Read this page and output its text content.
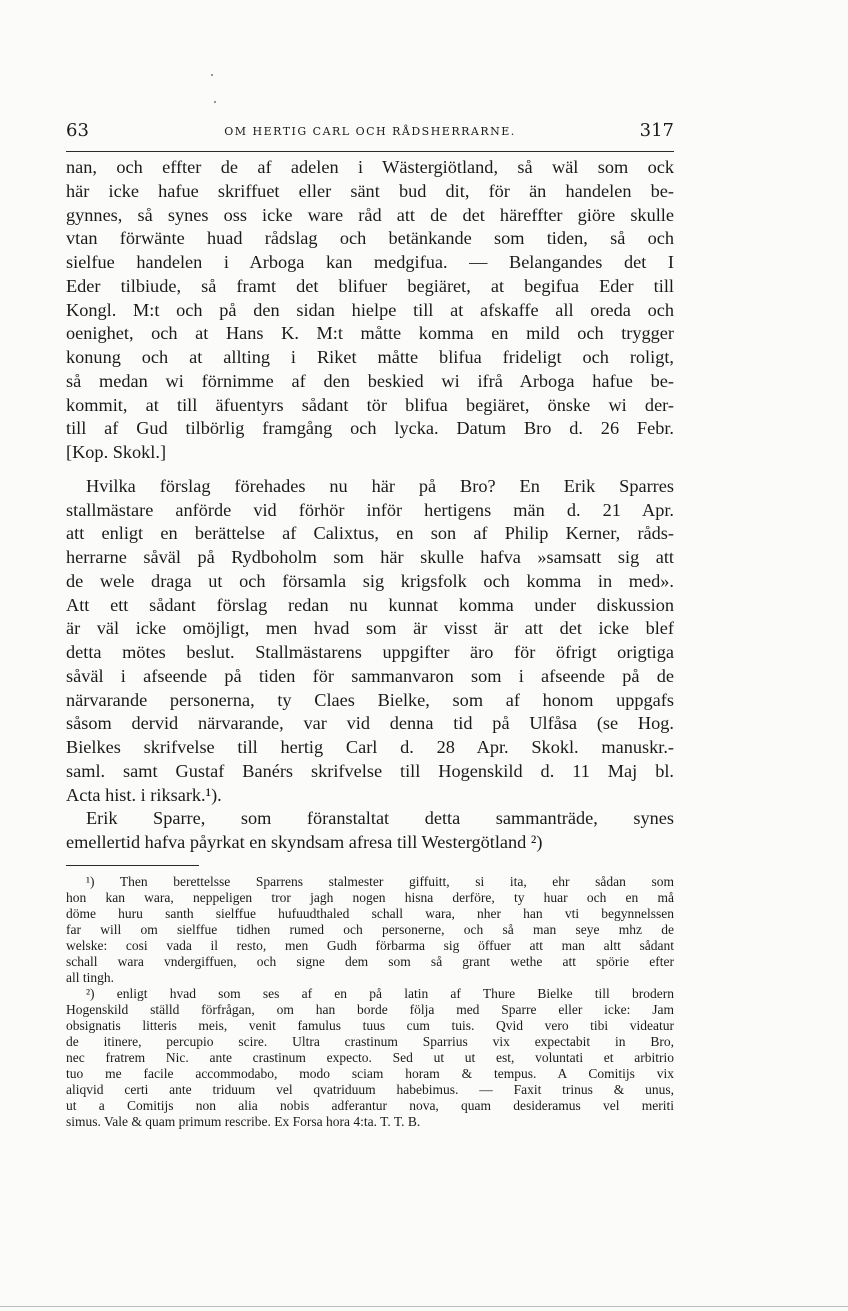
63	OM HERTIG CARL OCH RÅDSHERRARNE.	317
nan, och effter de af adelen i Wästergiötland, så wäl som ock
här icke hafue skriffuet eller sänt bud dit, för än handelen be-
gynnes, så synes oss icke ware råd att de det häreffter giöre skulle
vtan förwänte huad rådslag och betänkande som tiden, så och
sielfue handelen i Arboga kan medgifua. — Belangandes det I
Eder tilbiude, så framt det blifuer begiäret, at begifua Eder till
Kongl. M:t och på den sidan hielpe till at afskaffe all oreda och
oenighet, och at Hans K. M:t måtte komma en mild och trygger
konung och at allting i Riket måtte blifua frideligt och roligt,
så medan wi förnimme af den beskied wi ifrå Arboga hafue be-
kommit, at till äfuentyrs sådant tör blifua begiäret, önske wi der-
till af Gud tilbörlig framgång och lycka. Datum Bro d. 26 Febr.
[Kop. Skokl.]
Hvilka förslag förehades nu här på Bro? En Erik Sparres
stallmästare anförde vid förhör inför hertigens män d. 21 Apr.
att enligt en berättelse af Calixtus, en son af Philip Kerner, råds-
herrarne såväl på Rydboholm som här skulle hafva »samsatt sig att
de wele draga ut och församla sig krigsfolk och komma in med».
Att ett sådant förslag redan nu kunnat komma under diskussion
är väl icke omöjligt, men hvad som är visst är att det icke blef
detta mötes beslut. Stallmästarens uppgifter äro för öfrigt origtiga
såväl i afseende på tiden för sammanvaron som i afseende på de
närvarande personerna, ty Claes Bielke, som af honom uppgafs
såsom dervid närvarande, var vid denna tid på Ulfåsa (se Hog.
Bielkes skrifvelse till hertig Carl d. 28 Apr. Skokl. manuskr.-
saml. samt Gustaf Banérs skrifvelse till Hogenskild d. 11 Maj bl.
Acta hist. i riksark.¹).
Erik Sparre, som föranstaltat detta sammanträde, synes
emellertid hafva påyrkat en skyndsam afresa till Westergötland ²)
¹) Then berettelsse Sparrens stalmester giffuitt, si ita, ehr sådan som
hon kan wara, neppeligen tror jagh nogen hisna derföre, ty huar och en må
döme huru santh sielffue hufuudthaled schall wara, nher han vti begynnelssen
far will om sielffue tidhen rumed och personerne, och så man seye mhz de
welske: cosi vada il resto, men Gudh förbarma sig öffuer att man altt sådant
schall wara vndergiffuen, och signe dem som så grant wethe att spörie efter
all tingh.
²) enligt hvad som ses af en på latin af Thure Bielke till brodern
Hogenskild ställd förfrågan, om han borde följa med Sparre eller icke: Jam
obsignatis litteris meis, venit famulus tuus cum tuis. Qvid vero tibi videatur
de itinere, percupio scire. Ultra crastinum Sparrius vix expectabit in Bro,
nec fratrem Nic. ante crastinum expecto. Sed ut ut est, voluntati et arbitrio
tuo me facile accommodabo, modo sciam horam & tempus. A Comitijs vix
aliqvid certi ante triduum vel qvatriduum habebimus. — Faxit trinus & unus,
ut a Comitijs non alia nobis adferantur nova, quam desideramus vel meriti
simus. Vale & quam primum rescribe. Ex Forsa hora 4:ta. T. T. B.
